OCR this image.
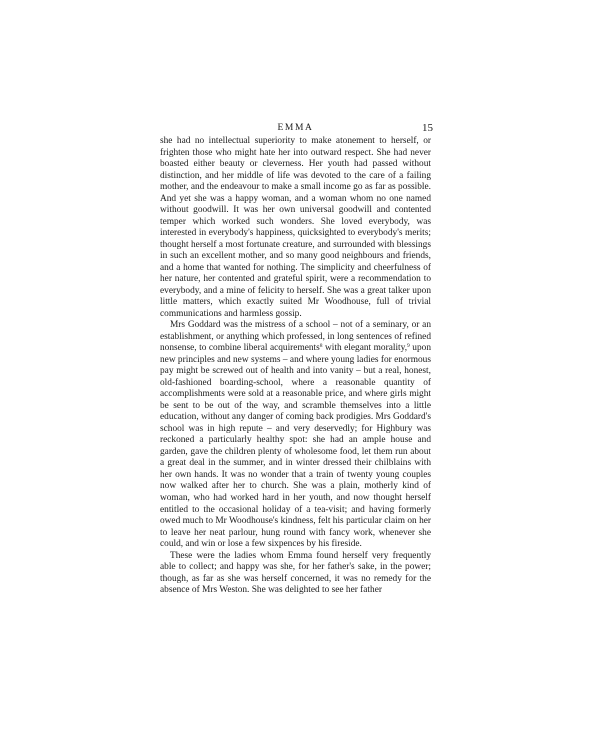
EMMA	15

she had no intellectual superiority to make atonement to herself, or frighten those who might hate her into outward respect. She had never boasted either beauty or cleverness. Her youth had passed without distinction, and her middle of life was devoted to the care of a failing mother, and the endeavour to make a small income go as far as possible. And yet she was a happy woman, and a woman whom no one named without goodwill. It was her own universal goodwill and contented temper which worked such wonders. She loved everybody, was interested in everybody's happiness, quicksighted to everybody's merits; thought herself a most fortunate creature, and surrounded with blessings in such an excellent mother, and so many good neighbours and friends, and a home that wanted for nothing. The simplicity and cheerfulness of her nature, her contented and grateful spirit, were a recommendation to everybody, and a mine of felicity to herself. She was a great talker upon little matters, which exactly suited Mr Woodhouse, full of trivial communications and harmless gossip.

Mrs Goddard was the mistress of a school – not of a seminary, or an establishment, or anything which professed, in long sentences of refined nonsense, to combine liberal acquirements$^8$ with elegant morality,$^9$ upon new principles and new systems – and where young ladies for enormous pay might be screwed out of health and into vanity – but a real, honest, old-fashioned boarding-school, where a reasonable quantity of accomplishments were sold at a reasonable price, and where girls might be sent to be out of the way, and scramble themselves into a little education, without any danger of coming back prodigies. Mrs Goddard's school was in high repute – and very deservedly; for Highbury was reckoned a particularly healthy spot: she had an ample house and garden, gave the children plenty of wholesome food, let them run about a great deal in the summer, and in winter dressed their chilblains with her own hands. It was no wonder that a train of twenty young couples now walked after her to church. She was a plain, motherly kind of woman, who had worked hard in her youth, and now thought herself entitled to the occasional holiday of a tea-visit; and having formerly owed much to Mr Woodhouse's kindness, felt his particular claim on her to leave her neat parlour, hung round with fancy work, whenever she could, and win or lose a few sixpences by his fireside.

These were the ladies whom Emma found herself very frequently able to collect; and happy was she, for her father's sake, in the power; though, as far as she was herself concerned, it was no remedy for the absence of Mrs Weston. She was delighted to see her father
